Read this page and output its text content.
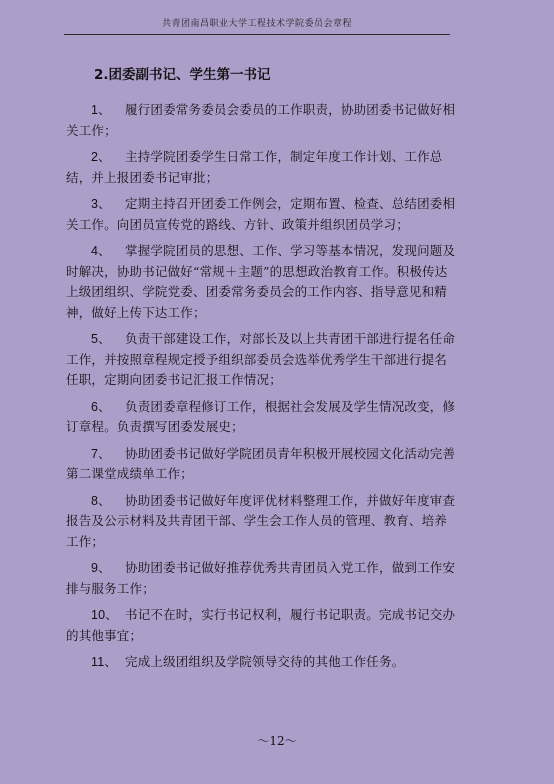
共青团南昌职业大学工程技术学院委员会章程
2.团委副书记、学生第一书记
1、 履行团委常务委员会委员的工作职责，协助团委书记做好相关工作；
2、 主持学院团委学生日常工作，制定年度工作计划、工作总结，并上报团委书记审批；
3、 定期主持召开团委工作例会，定期布置、检查、总结团委相关工作。向团员宣传党的路线、方针、政策并组织团员学习；
4、 掌握学院团员的思想、工作、学习等基本情况，发现问题及时解决，协助书记做好“常规＋主题”的思想政治教育工作。积极传达上级团组织、学院党委、团委常务委员会的工作内容、指导意见和精神，做好上传下达工作；
5、 负责干部建设工作，对部长及以上共青团干部进行提名任命工作，并按照章程规定授予组织部委员会选举优秀学生干部进行提名任职，定期向团委书记汇报工作情况；
6、 负责团委章程修订工作，根据社会发展及学生情况改变，修订章程。负责撰写团委发展史；
7、 协助团委书记做好学院团员青年积极开展校园文化活动完善第二课堂成绩单工作；
8、 协助团委书记做好年度评优材料整理工作，并做好年度审查报告及公示材料及共青团干部、学生会工作人员的管理、教育、培养工作；
9、 协助团委书记做好推荐优秀共青团员入党工作，做到工作安排与服务工作；
10、 书记不在时，实行书记权利，履行书记职责。完成书记交办的其他事宜；
11、 完成上级团组织及学院领导交待的其他工作任务。
～12～
